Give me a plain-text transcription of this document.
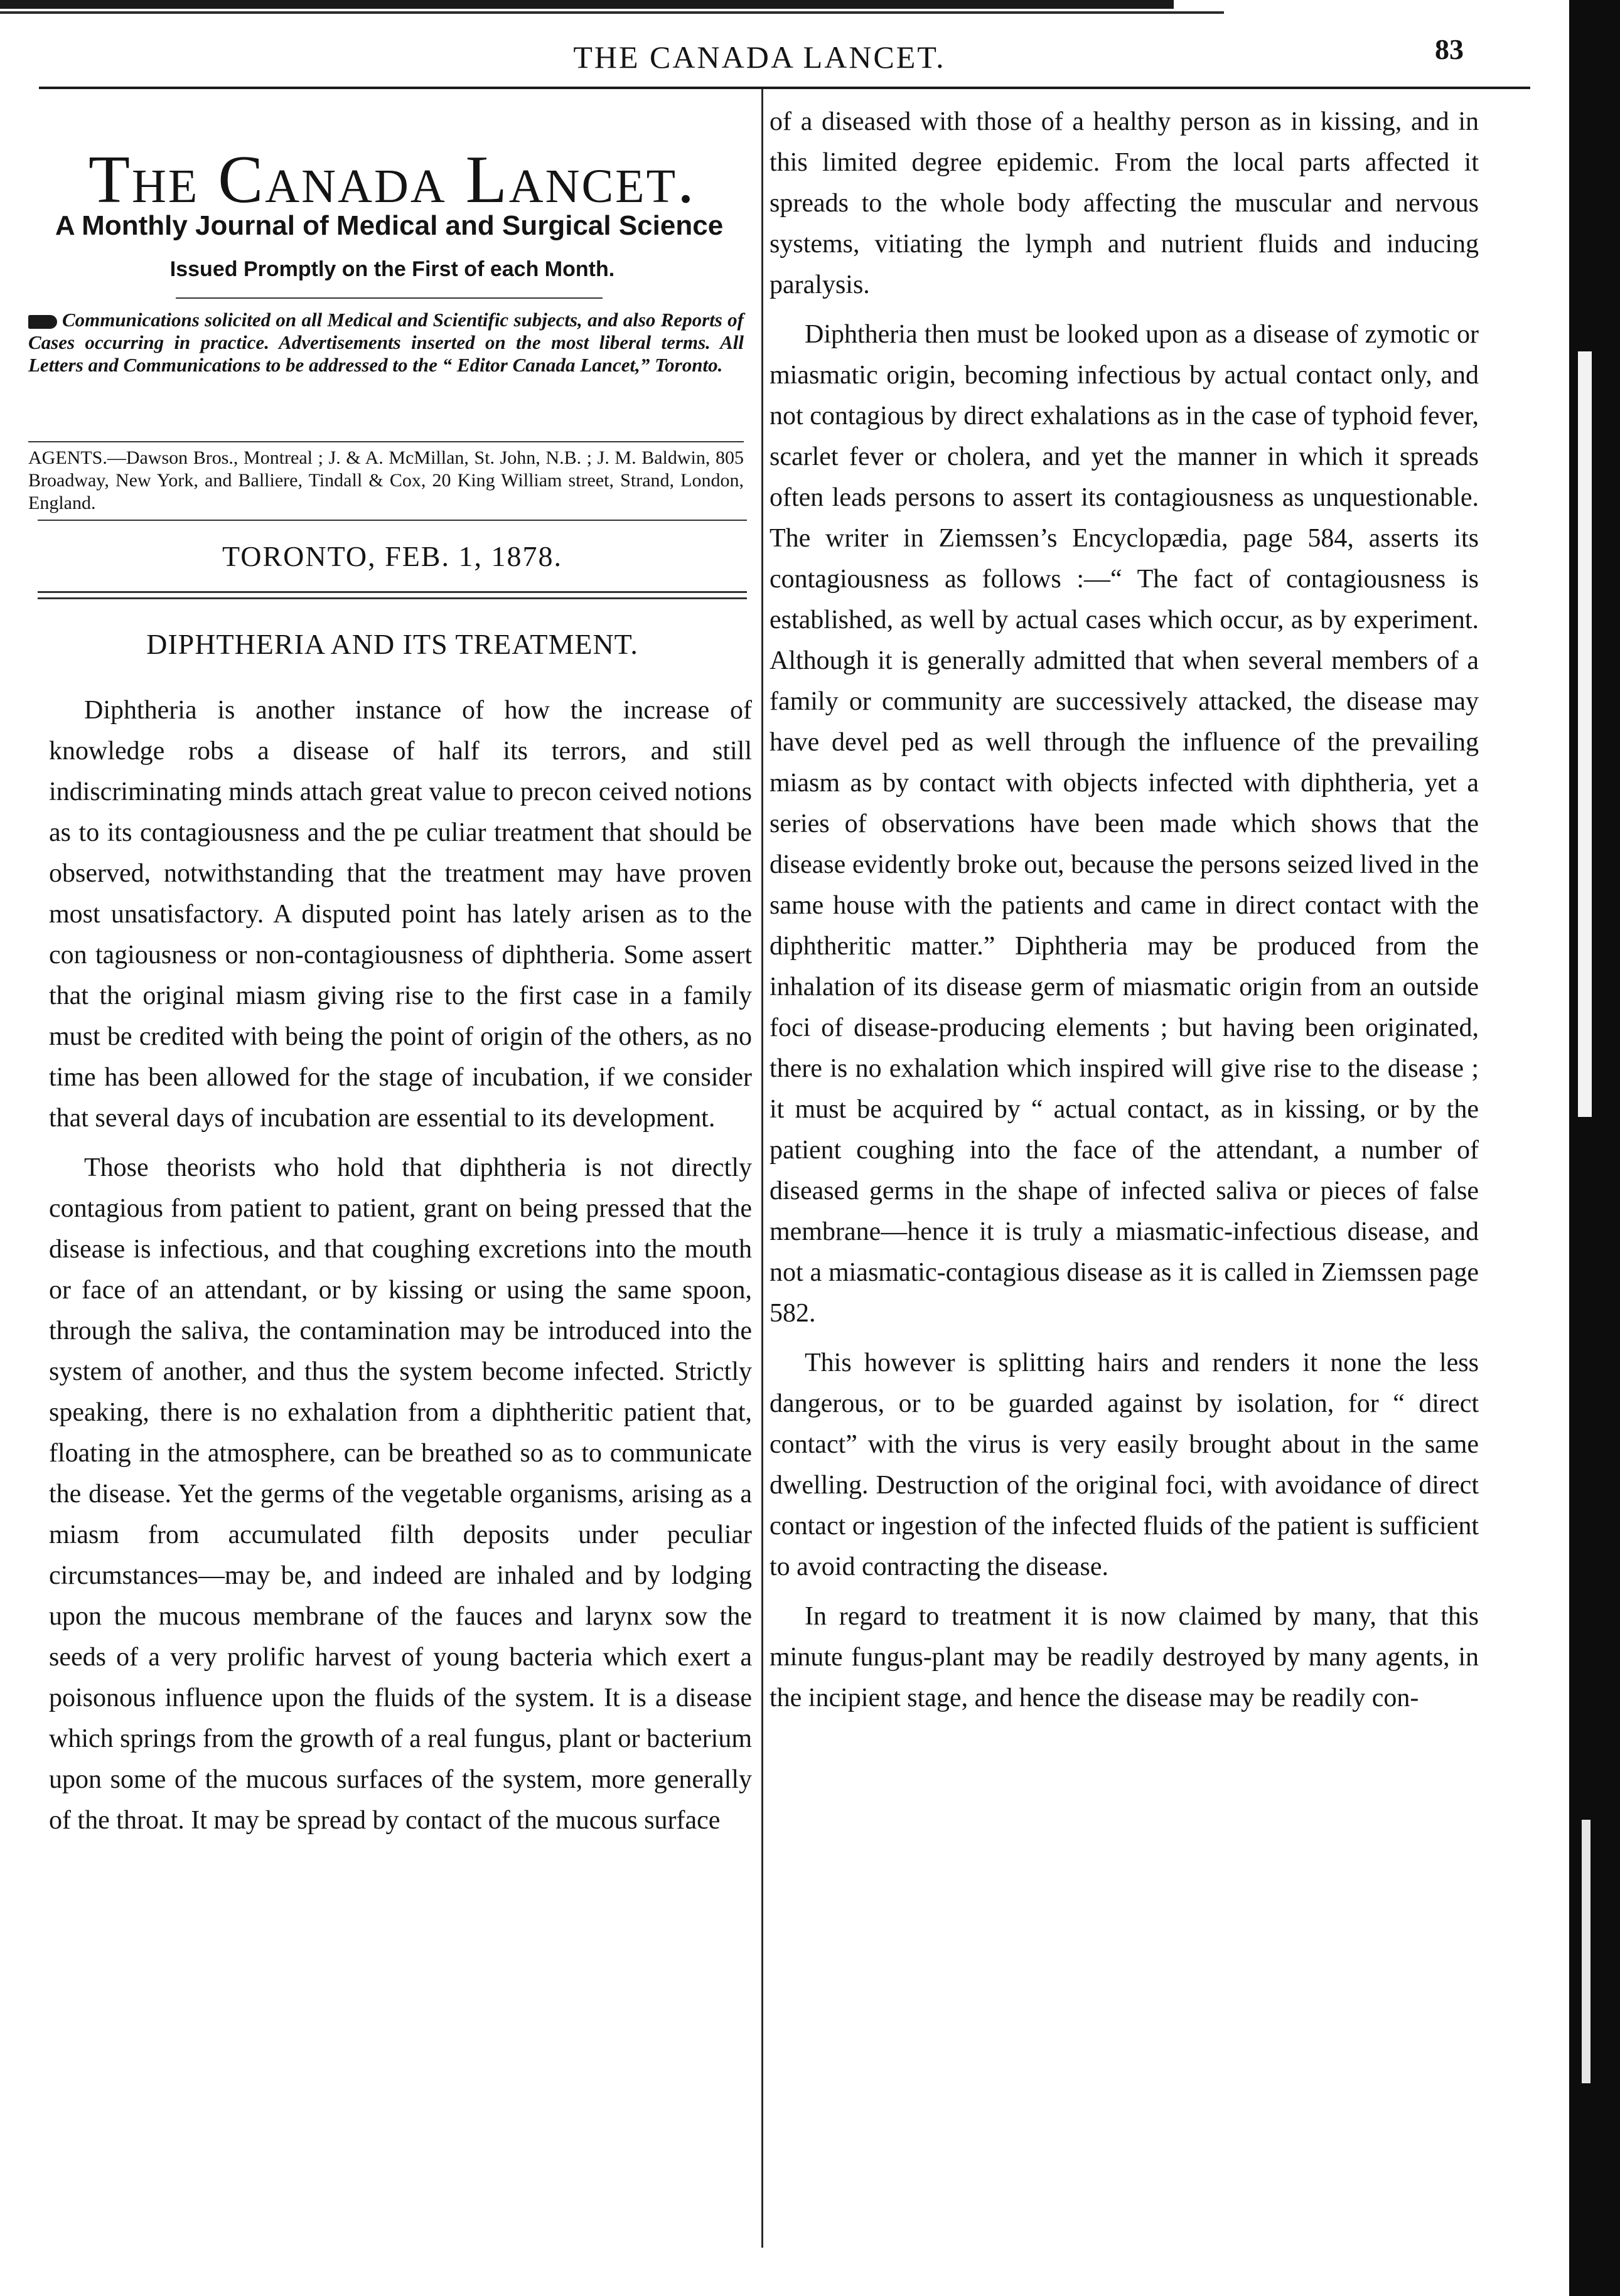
THE CANADA LANCET.	83
The Canada Lancet.
A Monthly Journal of Medical and Surgical Science
Issued Promptly on the First of each Month.
Communications solicited on all Medical and Scientific subjects, and also Reports of Cases occurring in practice. Advertisements inserted on the most liberal terms. All Letters and Communications to be addressed to the “ Editor Canada Lancet,” Toronto.
AGENTS.—Dawson Bros., Montreal ; J. & A. McMillan, St. John, N.B. ; J. M. Baldwin, 805 Broadway, New York, and Balliere, Tindall & Cox, 20 King William street, Strand, London, England.
TORONTO, FEB. 1, 1878.
DIPHTHERIA AND ITS TREATMENT.

Diphtheria is another instance of how the increase of knowledge robs a disease of half its terrors, and still indiscriminating minds attach great value to precon ceived notions as to its contagiousness and the pe culiar treatment that should be observed, notwithstanding that the treatment may have proven most unsatisfactory. A disputed point has lately arisen as to the con tagiousness or non-contagiousness of diphtheria. Some assert that the original miasm giving rise to the first case in a family must be credited with being the point of origin of the others, as no time has been allowed for the stage of incubation, if we consider that several days of incubation are essential to its development.

Those theorists who hold that diphtheria is not directly contagious from patient to patient, grant on being pressed that the disease is infectious, and that coughing excretions into the mouth or face of an attendant, or by kissing or using the same spoon, through the saliva, the contamination may be introduced into the system of another, and thus the system become infected. Strictly speaking, there is no exhalation from a diphtheritic patient that, floating in the atmosphere, can be breathed so as to communicate the disease. Yet the germs of the vegetable organisms, arising as a miasm from accumulated filth deposits under peculiar circumstances—may be, and indeed are inhaled and by lodging upon the mucous membrane of the fauces and larynx sow the seeds of a very prolific harvest of young bacteria which exert a poisonous influence upon the fluids of the system. It is a disease which springs from the growth of a real fungus, plant or bacterium upon some of the mucous surfaces of the system, more generally of the throat. It may be spread by contact of the mucous surface

of a diseased with those of a healthy person as in kissing, and in this limited degree epidemic. From the local parts affected it spreads to the whole body affecting the muscular and nervous systems, vitiating the lymph and nutrient fluids and inducing paralysis.

Diphtheria then must be looked upon as a disease of zymotic or miasmatic origin, becoming infectious by actual contact only, and not contagious by direct exhalations as in the case of typhoid fever, scarlet fever or cholera, and yet the manner in which it spreads often leads persons to assert its contagiousness as unquestionable. The writer in Ziemssen’s Encyclopædia, page 584, asserts its contagiousness as follows :—“ The fact of contagiousness is established, as well by actual cases which occur, as by experiment. Although it is generally admitted that when several members of a family or community are successively attacked, the disease may have devel ped as well through the influence of the prevailing miasm as by contact with objects infected with diphtheria, yet a series of observations have been made which shows that the disease evidently broke out, because the persons seized lived in the same house with the patients and came in direct contact with the diphtheritic matter.” Diphtheria may be produced from the inhalation of its disease germ of miasmatic origin from an outside foci of disease-producing elements ; but having been originated, there is no exhalation which inspired will give rise to the disease ; it must be acquired by “ actual contact, as in kissing, or by the patient coughing into the face of the attendant, a number of diseased germs in the shape of infected saliva or pieces of false membrane—hence it is truly a miasmatic-infectious disease, and not a miasmatic-contagious disease as it is called in Ziemssen page 582.

This however is splitting hairs and renders it none the less dangerous, or to be guarded against by isolation, for “ direct contact” with the virus is very easily brought about in the same dwelling. Destruction of the original foci, with avoidance of direct contact or ingestion of the infected fluids of the patient is sufficient to avoid contracting the disease.

In regard to treatment it is now claimed by many, that this minute fungus-plant may be readily destroyed by many agents, in the incipient stage, and hence the disease may be readily con-
